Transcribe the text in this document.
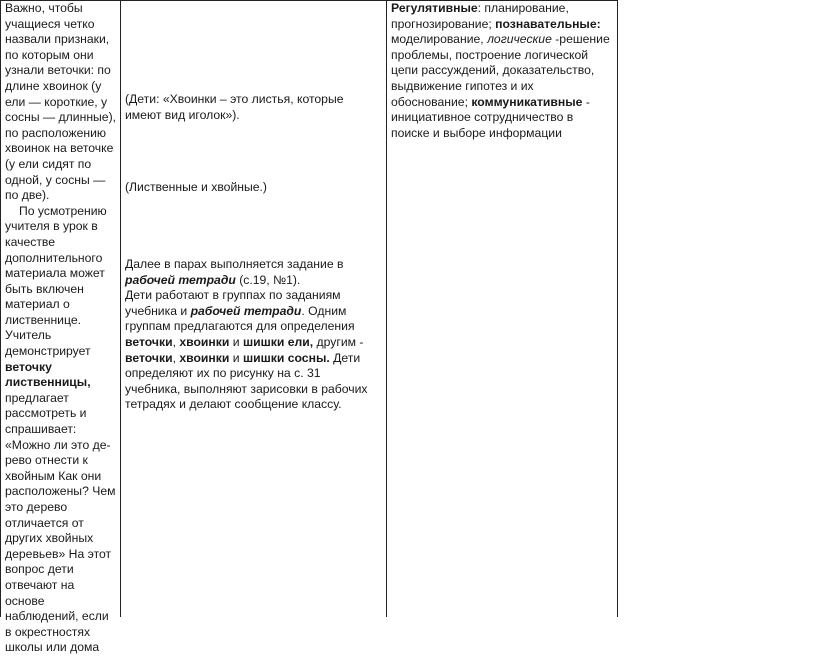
Важно, чтобы учащиеся четко назвали признаки, по которым они узнали веточки: по длине хвоинок (у ели — короткие, у сосны — длинные), по расположению хвоинок на веточке (у ели сидят по одной, у сосны — по две).

По усмотрению учителя в урок в качестве дополнительного материала может быть включен материал о лиственнице. Учитель демонстрирует веточку лиственницы, предлагает рассмотреть и спрашивает: «Можно ли это де-рево отнести к хвойным Как они расположены? Чем это дерево отличается от других хвойных деревьев» На этот вопрос дети отвечают на основе наблюдений, если в окрестностях школы или дома

(Дети: «Хвоинки – это листья, которые имеют вид иголок»).

(Лиственные и хвойные.)

Далее в парах выполняется задание в рабочей тетради (с.19, №1).

Дети работают в группах по заданиям учебника и рабочей тетради. Одним группам предлагаются для определения веточки, хвоинки и шишки ели, другим - веточки, хвоинки и шишки сосны. Дети определяют их по рисунку на с. 31 учебника, выполняют зарисовки в рабочих тетрадях и делают сообщение классу.

Регулятивные: планирование, прогнозирование; познавательные: моделирование, логические -решение проблемы, построение логической цепи рассуждений, доказательство, выдвижение гипотез и их обоснование; коммуникативные - инициативное сотрудничество в поиске и выборе информации
